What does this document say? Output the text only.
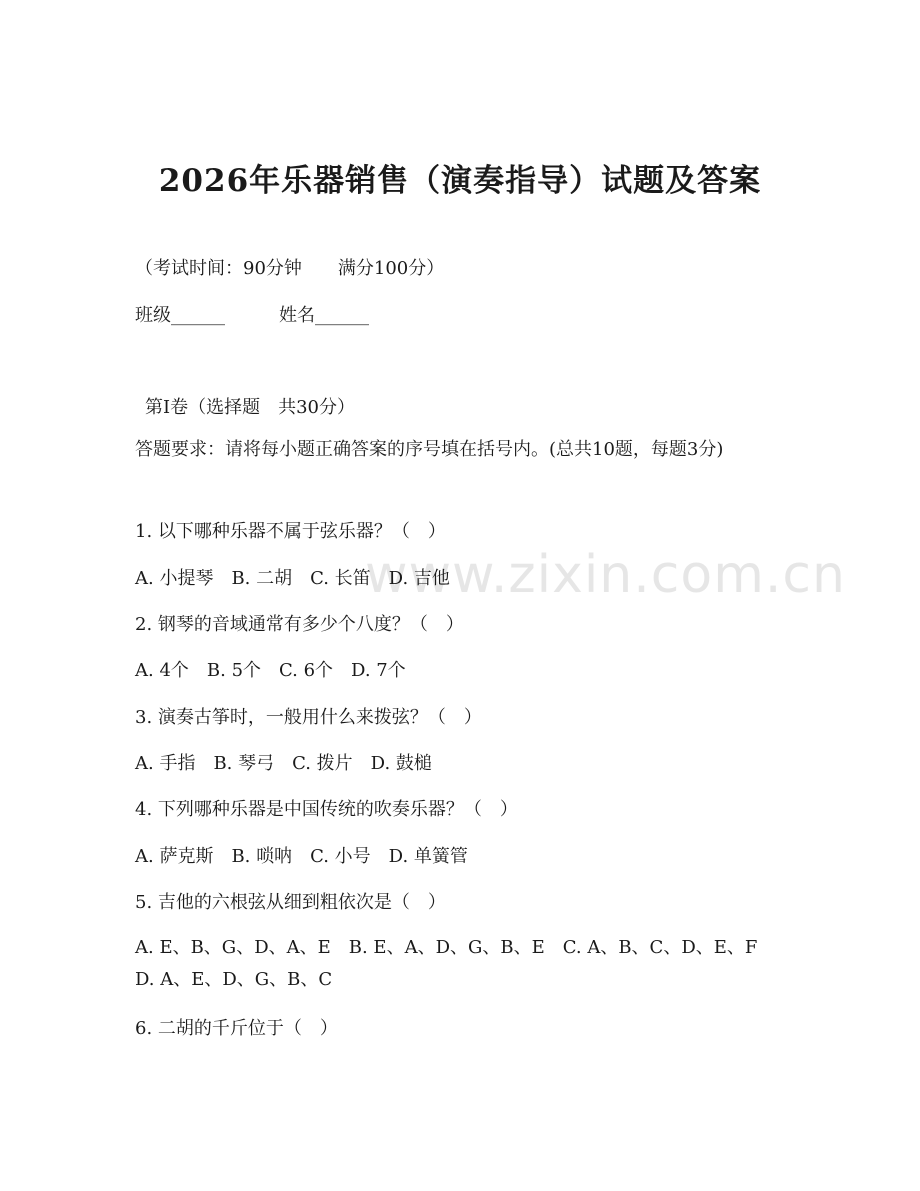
www.zixin.com.cn
2026年乐器销售（演奏指导）试题及答案
（考试时间：90分钟　　满分100分）
班级______　　　姓名______
第Ⅰ卷（选择题　共30分）
答题要求：请将每小题正确答案的序号填在括号内。(总共10题，每题3分)
1. 以下哪种乐器不属于弦乐器？（　）
A. 小提琴　B. 二胡　C. 长笛　D. 吉他
2. 钢琴的音域通常有多少个八度？（　）
A. 4个　B. 5个　C. 6个　D. 7个
3. 演奏古筝时，一般用什么来拨弦？（　）
A. 手指　B. 琴弓　C. 拨片　D. 鼓槌
4. 下列哪种乐器是中国传统的吹奏乐器？（　）
A. 萨克斯　B. 唢呐　C. 小号　D. 单簧管
5. 吉他的六根弦从细到粗依次是（　）
A. E、B、G、D、A、E　B. E、A、D、G、B、E　C. A、B、C、D、E、F　D. A、E、D、G、B、C
6. 二胡的千斤位于（　）
